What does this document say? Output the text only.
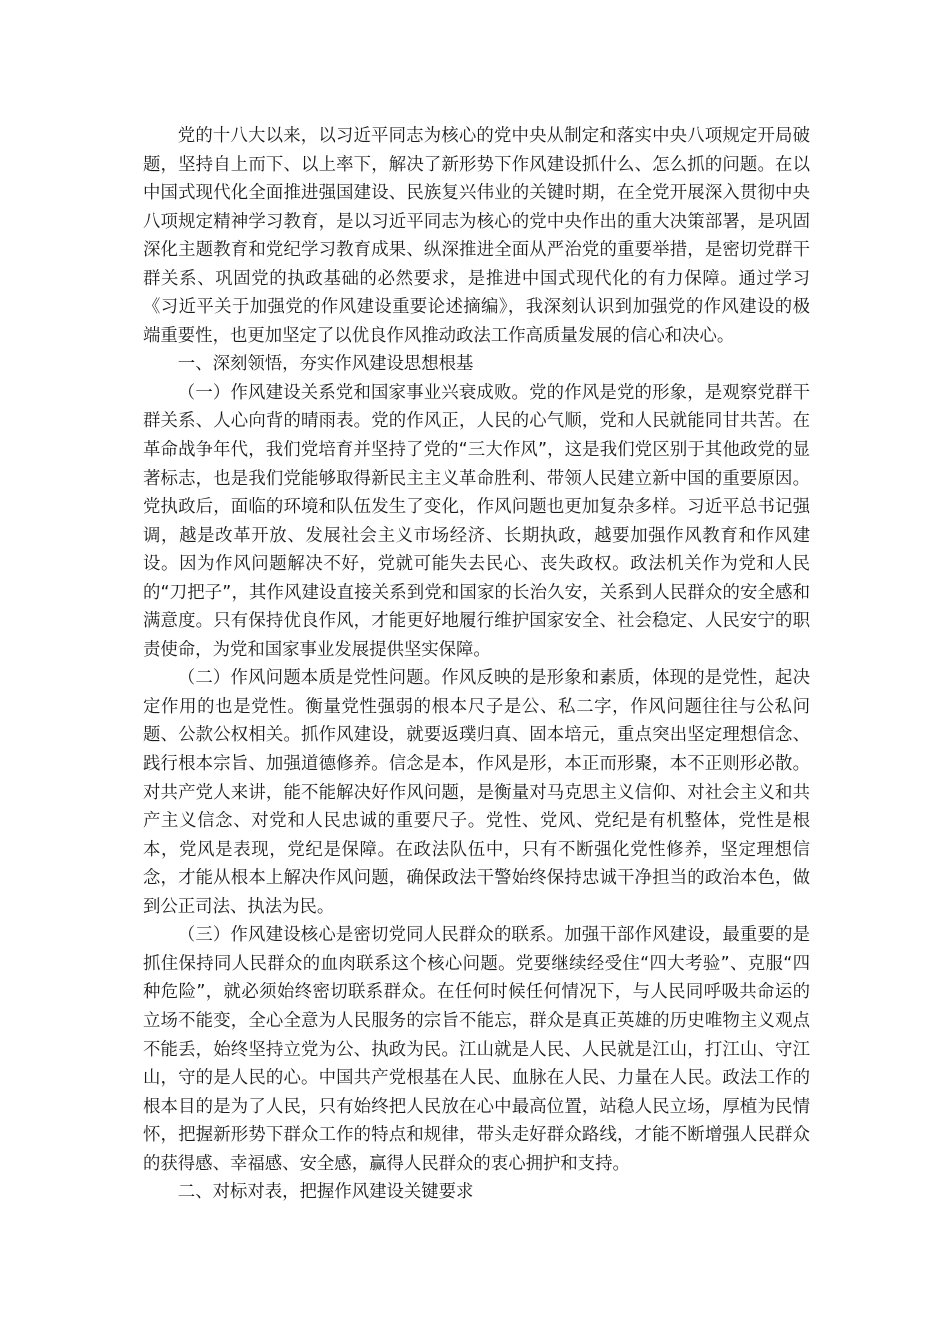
党的十八大以来，以习近平同志为核心的党中央从制定和落实中央八项规定开局破题，坚持自上而下、以上率下，解决了新形势下作风建设抓什么、怎么抓的问题。在以中国式现代化全面推进强国建设、民族复兴伟业的关键时期，在全党开展深入贯彻中央八项规定精神学习教育，是以习近平同志为核心的党中央作出的重大决策部署，是巩固深化主题教育和党纪学习教育成果、纵深推进全面从严治党的重要举措，是密切党群干群关系、巩固党的执政基础的必然要求，是推进中国式现代化的有力保障。通过学习《习近平关于加强党的作风建设重要论述摘编》，我深刻认识到加强党的作风建设的极端重要性，也更加坚定了以优良作风推动政法工作高质量发展的信心和决心。

一、深刻领悟，夯实作风建设思想根基

（一）作风建设关系党和国家事业兴衰成败。党的作风是党的形象，是观察党群干群关系、人心向背的晴雨表。党的作风正，人民的心气顺，党和人民就能同甘共苦。在革命战争年代，我们党培育并坚持了党的“三大作风”，这是我们党区别于其他政党的显著标志，也是我们党能够取得新民主主义革命胜利、带领人民建立新中国的重要原因。党执政后，面临的环境和队伍发生了变化，作风问题也更加复杂多样。习近平总书记强调，越是改革开放、发展社会主义市场经济、长期执政，越要加强作风教育和作风建设。因为作风问题解决不好，党就可能失去民心、丧失政权。政法机关作为党和人民的“刀把子”，其作风建设直接关系到党和国家的长治久安，关系到人民群众的安全感和满意度。只有保持优良作风，才能更好地履行维护国家安全、社会稳定、人民安宁的职责使命，为党和国家事业发展提供坚实保障。

（二）作风问题本质是党性问题。作风反映的是形象和素质，体现的是党性，起决定作用的也是党性。衡量党性强弱的根本尺子是公、私二字，作风问题往往与公私问题、公款公权相关。抓作风建设，就要返璞归真、固本培元，重点突出坚定理想信念、践行根本宗旨、加强道德修养。信念是本，作风是形，本正而形聚，本不正则形必散。对共产党人来讲，能不能解决好作风问题，是衡量对马克思主义信仰、对社会主义和共产主义信念、对党和人民忠诚的重要尺子。党性、党风、党纪是有机整体，党性是根本，党风是表现，党纪是保障。在政法队伍中，只有不断强化党性修养，坚定理想信念，才能从根本上解决作风问题，确保政法干警始终保持忠诚干净担当的政治本色，做到公正司法、执法为民。

（三）作风建设核心是密切党同人民群众的联系。加强干部作风建设，最重要的是抓住保持同人民群众的血肉联系这个核心问题。党要继续经受住“四大考验”、克服“四种危险”，就必须始终密切联系群众。在任何时候任何情况下，与人民同呼吸共命运的立场不能变，全心全意为人民服务的宗旨不能忘，群众是真正英雄的历史唯物主义观点不能丢，始终坚持立党为公、执政为民。江山就是人民、人民就是江山，打江山、守江山，守的是人民的心。中国共产党根基在人民、血脉在人民、力量在人民。政法工作的根本目的是为了人民，只有始终把人民放在心中最高位置，站稳人民立场，厚植为民情怀，把握新形势下群众工作的特点和规律，带头走好群众路线，才能不断增强人民群众的获得感、幸福感、安全感，赢得人民群众的衷心拥护和支持。

二、对标对表，把握作风建设关键要求
